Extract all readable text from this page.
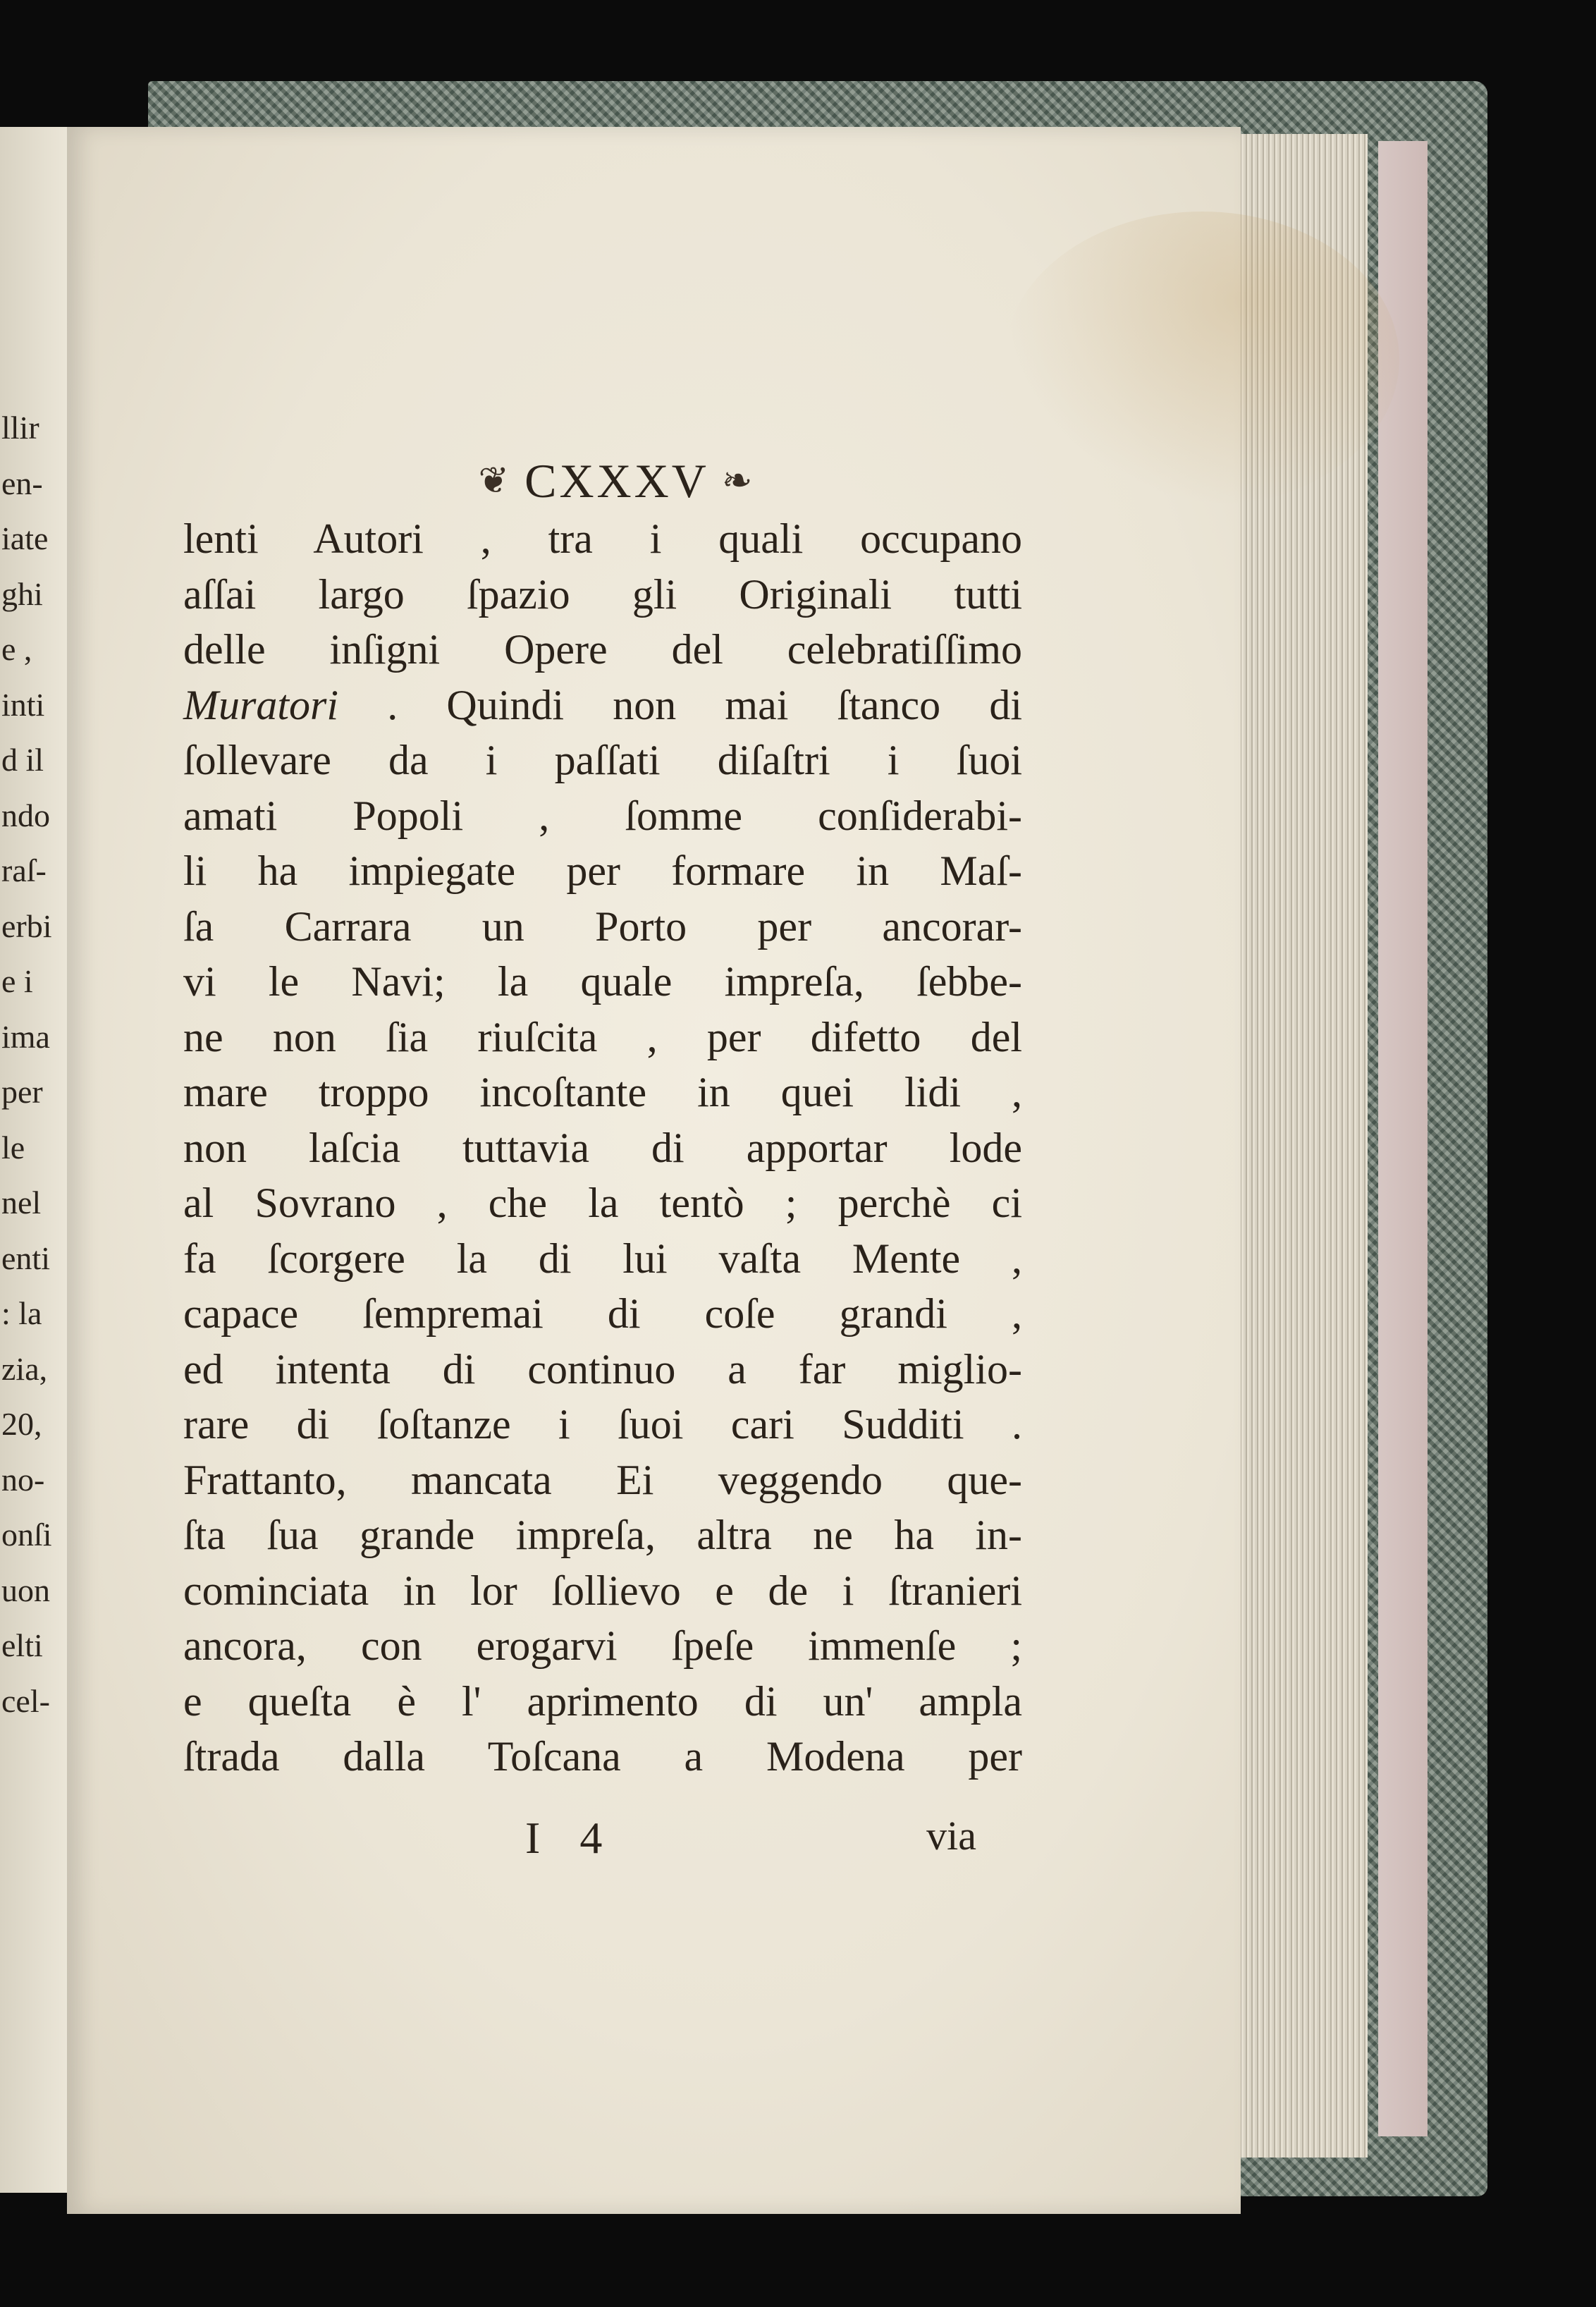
llir
en-
iate
ghi
e ,
inti
d il
ndo
raſ-
erbi
e i
ima
per
le
nel
enti
: la
zia,
20,
no-
onſi
uon
elti
cel-
❦ CXXXV ❧
lenti Autori , tra i quali occupano
aſſai largo ſpazio gli Originali tutti
delle inſigni Opere del celebratiſſimo
Muratori . Quindi non mai ſtanco di
ſollevare da i paſſati diſaſtri i ſuoi
amati Popoli , ſomme conſiderabi-
li ha impiegate per formare in Maſ-
ſa Carrara un Porto per ancorar-
vi le Navi; la quale impreſa, ſebbe-
ne non ſia riuſcita , per difetto del
mare troppo incoſtante in quei lidi ,
non laſcia tuttavia di apportar lode
al Sovrano , che la tentò ; perchè ci
fa ſcorgere la di lui vaſta Mente ,
capace ſempremai di coſe grandi ,
ed intenta di continuo a far miglio-
rare di ſoſtanze i ſuoi cari Sudditi .
Frattanto, mancata Ei veggendo que-
ſta ſua grande impreſa, altra ne ha in-
cominciata in lor ſollievo e de i ſtranieri
ancora, con erogarvi ſpeſe immenſe ;
e queſta è l' aprimento di un' ampla
ſtrada dalla Toſcana a Modena per
I 4	via
